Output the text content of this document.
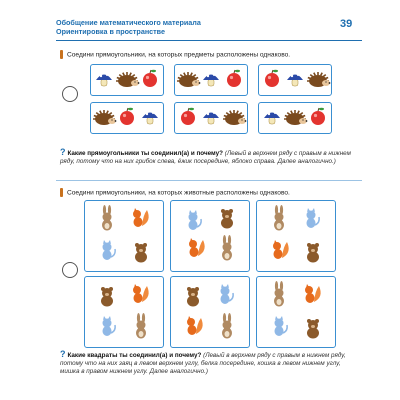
Обобщение математического материала
Ориентировка в пространстве
39
Соедини прямоугольники, на которых предметы расположены однаково.
? Какие прямоугольники ты соединил(а) и почему? (Левый в верхнем ряду с правым в нижнем ряду, потому что на них грибок слева, ёжик посередине, яблоко справа. Далее аналогично.)
Соедини прямоугольники, на которых животные расположены однаково.
? Какие квадраты ты соединил(а) и почему? (Левый в верхнем ряду с правым в нижнем ряду, потому что на них заяц в левом верхнем углу, белка посередине, кошка в левом нижнем углу, мишка в правом нижнем углу. Далее аналогично.)
